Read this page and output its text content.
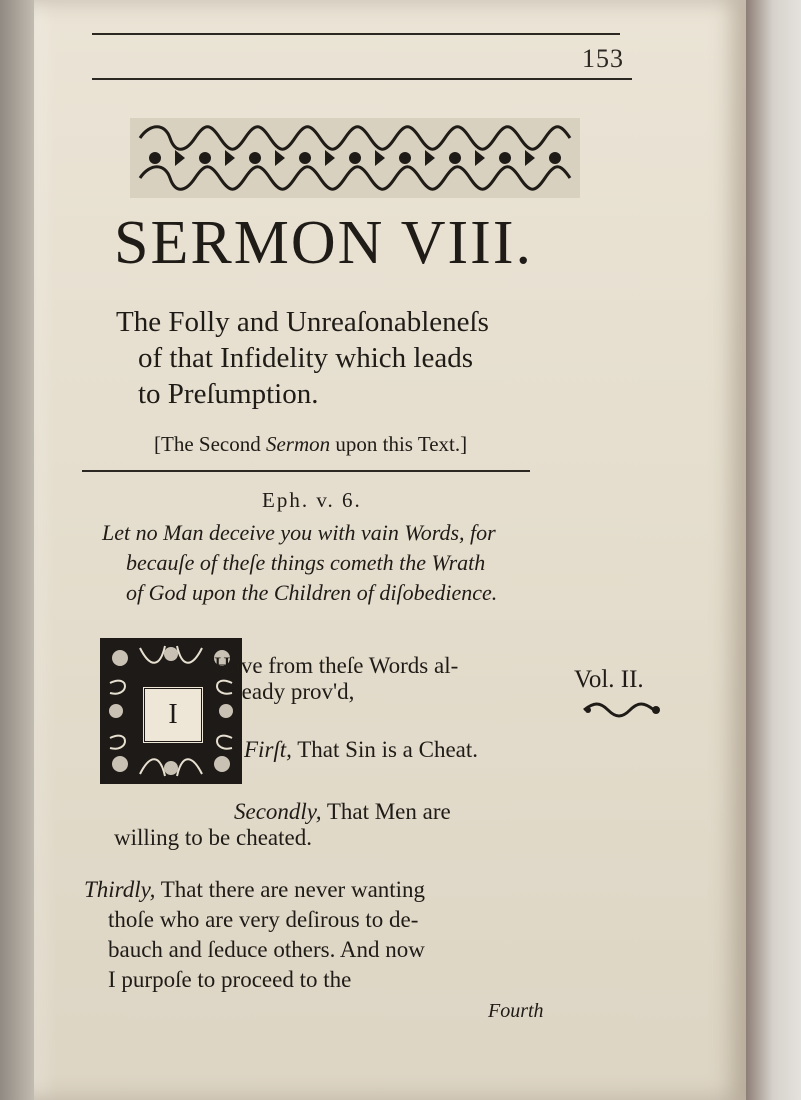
153
SERMON VIII.
The Folly and Unreaſonableneſs
of that Infidelity which leads
to Preſumption.
[The Second Sermon upon this Text.]
Eph. v. 6.
Let no Man deceive you with vain Words, for
becauſe of theſe things cometh the Wrath
of God upon the Children of diſobedience.
I
Have from theſe Words al-
ready prov'd,
Firſt, That Sin is a Cheat.
Secondly, That Men are
willing to be cheated.
Thirdly, That there are never wanting
thoſe who are very deſirous to de-
bauch and ſeduce others. And now
I purpoſe to proceed to the
Fourth
Vol. II.
